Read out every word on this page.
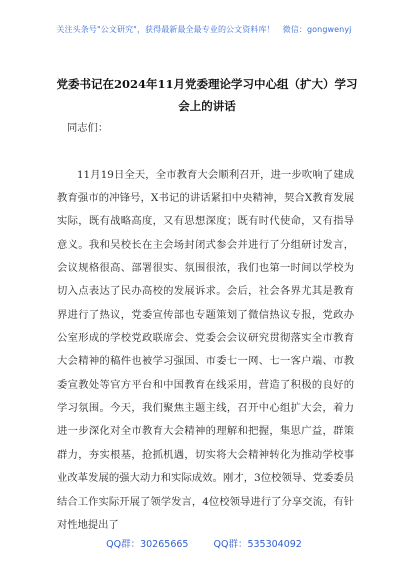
关注头条号"公文研究"，获得最新最全最专业的公文资料库！ 微信：gongwenyj
党委书记在2024年11月党委理论学习中心组（扩大）学习会上的讲话

同志们：

11月19日全天，全市教育大会顺利召开，进一步吹响了建成教育强市的冲锋号，X书记的讲话紧扣中央精神，契合X教育发展实际，既有战略高度，又有思想深度；既有时代使命，又有指导意义。我和吴校长在主会场封闭式参会并进行了分组研讨发言，会议规格很高、部署很实、氛围很浓，我们也第一时间以学校为切入点表达了民办高校的发展诉求。会后，社会各界尤其是教育界进行了热议，党委宣传部也专题策划了微信热议专报，党政办公室形成的学校党政联席会、党委会会议研究贯彻落实全市教育大会精神的稿件也被学习强国、市委七一网、七一客户端、市教委宣教处等官方平台和中国教育在线采用，营造了积极的良好的学习氛围。今天，我们聚焦主题主线，召开中心组扩大会，着力进一步深化对全市教育大会精神的理解和把握，集思广益，群策群力，夯实根基，抢抓机遇，切实将大会精神转化为推动学校事业改革发展的强大动力和实际成效。刚才，3位校领导、党委委员结合工作实际开展了领学发言，4位校领导进行了分享交流，有针对性地提出了

QQ群：30265665	QQ群：535304092
